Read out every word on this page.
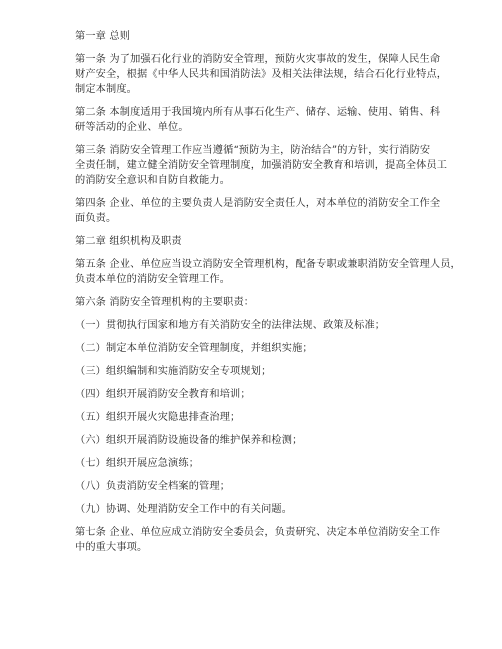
第一章 总则
第一条 为了加强石化行业的消防安全管理，预防火灾事故的发生，保障人民生命
财产安全，根据《中华人民共和国消防法》及相关法律法规，结合石化行业特点，
制定本制度。
第二条 本制度适用于我国境内所有从事石化生产、储存、运输、使用、销售、科
研等活动的企业、单位。
第三条 消防安全管理工作应当遵循“预防为主，防治结合”的方针，实行消防安
全责任制，建立健全消防安全管理制度，加强消防安全教育和培训，提高全体员工
的消防安全意识和自防自救能力。
第四条 企业、单位的主要负责人是消防安全责任人，对本单位的消防安全工作全
面负责。
第二章 组织机构及职责
第五条 企业、单位应当设立消防安全管理机构，配备专职或兼职消防安全管理人员，
负责本单位的消防安全管理工作。
第六条 消防安全管理机构的主要职责：
（一）贯彻执行国家和地方有关消防安全的法律法规、政策及标准；
（二）制定本单位消防安全管理制度，并组织实施；
（三）组织编制和实施消防安全专项规划；
（四）组织开展消防安全教育和培训；
（五）组织开展火灾隐患排查治理；
（六）组织开展消防设施设备的维护保养和检测；
（七）组织开展应急演练；
（八）负责消防安全档案的管理；
（九）协调、处理消防安全工作中的有关问题。
第七条 企业、单位应成立消防安全委员会，负责研究、决定本单位消防安全工作
中的重大事项。
